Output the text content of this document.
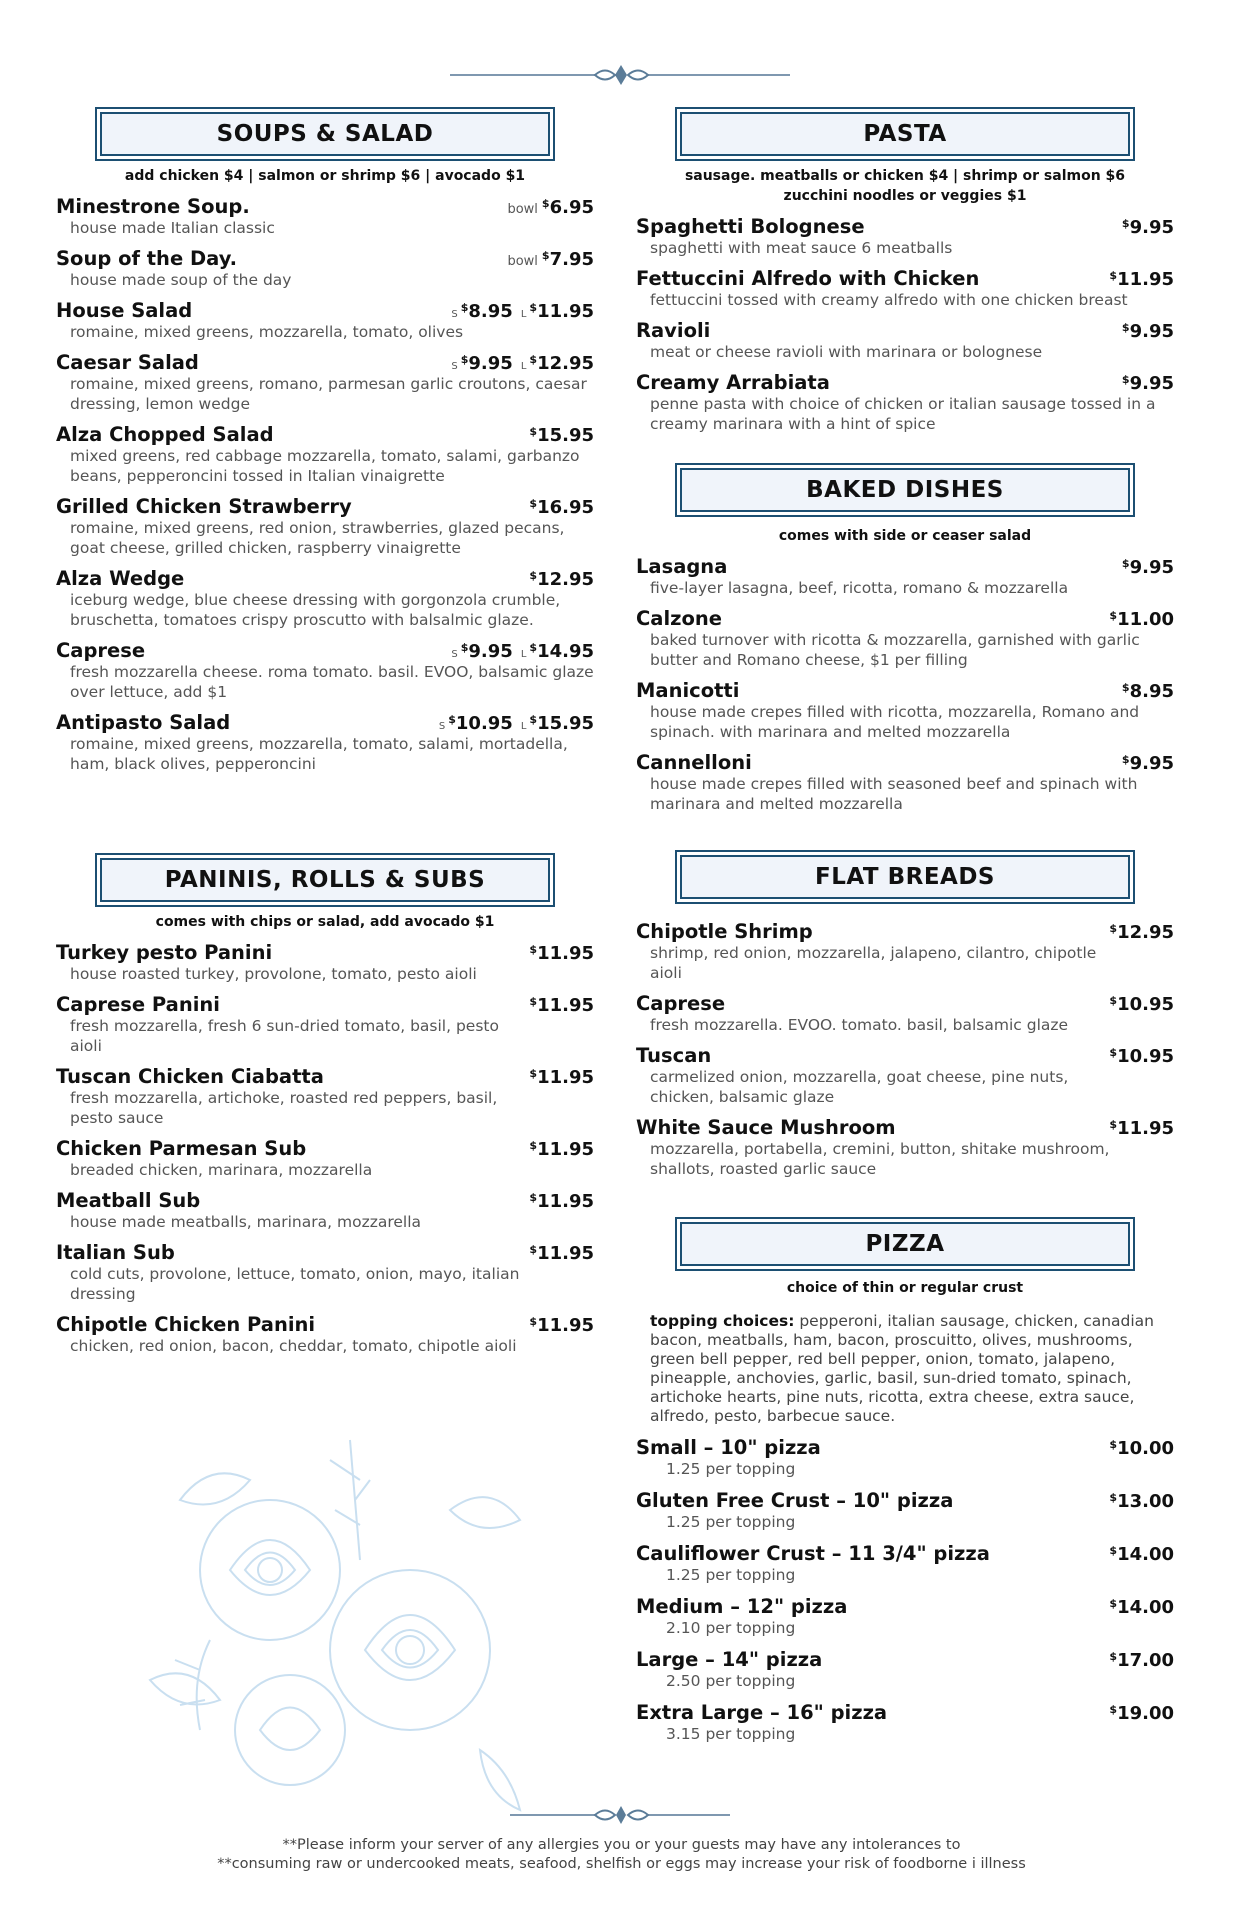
SOUPS & SALAD
add chicken $4 | salmon or shrimp $6 | avocado $1
Minestrone Soup.	bowl $6.95
house made Italian classic
Soup of the Day.	bowl $7.95
house made soup of the day
House Salad	S$8.95 L$11.95
romaine, mixed greens, mozzarella, tomato, olives
Caesar Salad	S$9.95 L$12.95
romaine, mixed greens, romano, parmesan garlic croutons, caesar dressing, lemon wedge
Alza Chopped Salad	$15.95
mixed greens, red cabbage mozzarella, tomato, salami, garbanzo beans, pepperoncini tossed in Italian vinaigrette
Grilled Chicken Strawberry	$16.95
romaine, mixed greens, red onion, strawberries, glazed pecans, goat cheese, grilled chicken, raspberry vinaigrette
Alza Wedge	$12.95
iceburg wedge, blue cheese dressing with gorgonzola crumble, bruschetta, tomatoes crispy proscutto with balsalmic glaze.
Caprese	S$9.95 L$14.95
fresh mozzarella cheese. roma tomato. basil. EVOO, balsamic glaze over lettuce, add $1
Antipasto Salad	S$10.95 L$15.95
romaine, mixed greens, mozzarella, tomato, salami, mortadella, ham, black olives, pepperoncini
PANINIS, ROLLS & SUBS
comes with chips or salad, add avocado $1
Turkey pesto Panini	$11.95
house roasted turkey, provolone, tomato, pesto aioli
Caprese Panini	$11.95
fresh mozzarella, fresh 6 sun-dried tomato, basil, pesto aioli
Tuscan Chicken Ciabatta	$11.95
fresh mozzarella, artichoke, roasted red peppers, basil, pesto sauce
Chicken Parmesan Sub	$11.95
breaded chicken, marinara, mozzarella
Meatball Sub	$11.95
house made meatballs, marinara, mozzarella
Italian Sub	$11.95
cold cuts, provolone, lettuce, tomato, onion, mayo, italian dressing
Chipotle Chicken Panini	$11.95
chicken, red onion, bacon, cheddar, tomato, chipotle aioli
PASTA
sausage. meatballs or chicken $4 | shrimp or salmon $6
zucchini noodles or veggies $1
Spaghetti Bolognese	$9.95
spaghetti with meat sauce 6 meatballs
Fettuccini Alfredo with Chicken	$11.95
fettuccini tossed with creamy alfredo with one chicken breast
Ravioli	$9.95
meat or cheese ravioli with marinara or bolognese
Creamy Arrabiata	$9.95
penne pasta with choice of chicken or italian sausage tossed in a creamy marinara with a hint of spice
BAKED DISHES
comes with side or ceaser salad
Lasagna	$9.95
five-layer lasagna, beef, ricotta, romano & mozzarella
Calzone	$11.00
baked turnover with ricotta & mozzarella, garnished with garlic butter and Romano cheese, $1 per filling
Manicotti	$8.95
house made crepes filled with ricotta, mozzarella, Romano and spinach. with marinara and melted mozzarella
Cannelloni	$9.95
house made crepes filled with seasoned beef and spinach with marinara and melted mozzarella
FLAT BREADS
Chipotle Shrimp	$12.95
shrimp, red onion, mozzarella, jalapeno, cilantro, chipotle aioli
Caprese	$10.95
fresh mozzarella. EVOO. tomato. basil, balsamic glaze
Tuscan	$10.95
carmelized onion, mozzarella, goat cheese, pine nuts, chicken, balsamic glaze
White Sauce Mushroom	$11.95
mozzarella, portabella, cremini, button, shitake mushroom, shallots, roasted garlic sauce
PIZZA
choice of thin or regular crust
topping choices: pepperoni, italian sausage, chicken, canadian bacon, meatballs, ham, bacon, proscuitto, olives, mushrooms, green bell pepper, red bell pepper, onion, tomato, jalapeno, pineapple, anchovies, garlic, basil, sun-dried tomato, spinach, artichoke hearts, pine nuts, ricotta, extra cheese, extra sauce, alfredo, pesto, barbecue sauce.
Small – 10" pizza	$10.00
1.25 per topping
Gluten Free Crust – 10" pizza	$13.00
1.25 per topping
Cauliflower Crust – 11 3/4" pizza	$14.00
1.25 per topping
Medium – 12" pizza	$14.00
2.10 per topping
Large – 14" pizza	$17.00
2.50 per topping
Extra Large – 16" pizza	$19.00
3.15 per topping
**Please inform your server of any allergies you or your guests may have any intolerances to
**consuming raw or undercooked meats, seafood, shelfish or eggs may increase your risk of foodborne i illness
